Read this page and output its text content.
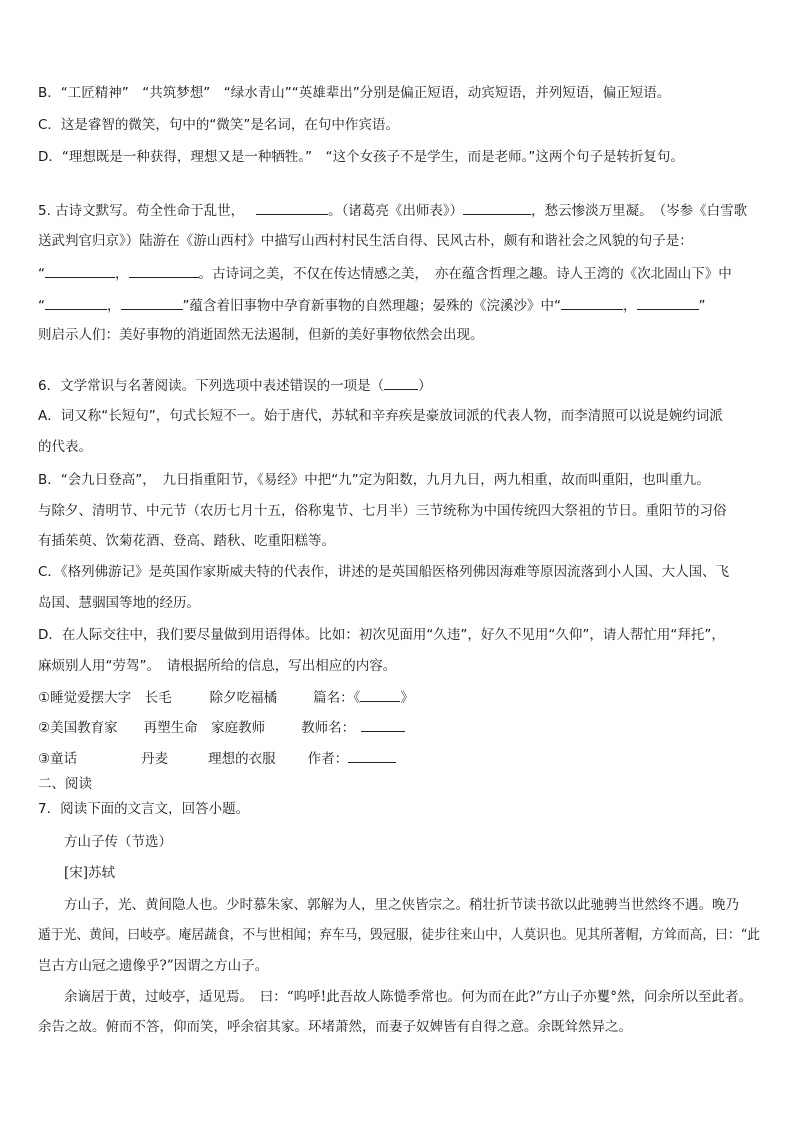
B．“工匠精神”　“共筑梦想”　“绿水青山”“英雄辈出”分别是偏正短语，动宾短语，并列短语，偏正短语。
C．这是睿智的微笑，句中的“微笑”是名词，在句中作宾语。
D．“理想既是一种获得，理想又是一种牺牲。”　“这个女孩子不是学生，而是老师。”这两个句子是转折复句。
5. 古诗文默写。苟全性命于乱世，	。（诸葛亮《出师表》）	，愁云惨淡万里凝。　（岑参《白雪歌
送武判官归京》）陆游在《游山西村》中描写山西村村民生活自得、民风古朴，颇有和谐社会之风貌的句子是：
“	，	。古诗词之美，不仅在传达情感之美，　亦在蕴含哲理之趣。诗人王湾的《次北固山下》中
“	，	”蕴含着旧事物中孕育新事物的自然理趣；晏殊的《浣溪沙》中“	，	”
则启示人们：美好事物的消逝固然无法遏制，但新的美好事物依然会出现。
6．文学常识与名著阅读。下列选项中表述错误的一项是（	）
A．词又称“长短句”，句式长短不一。始于唐代，苏轼和辛弃疾是豪放词派的代表人物，而李清照可以说是婉约词派
的代表。
B．“会九日登高”，　九日指重阳节，《易经》中把“九”定为阳数，九月九日，两九相重，故而叫重阳，也叫重九。
与除夕、清明节、中元节（农历七月十五，俗称鬼节、七月半）三节统称为中国传统四大祭祖的节日。重阳节的习俗
有插茱萸、饮菊花酒、登高、踏秋、吃重阳糕等。
C．《格列佛游记》是英国作家斯威夫特的代表作，讲述的是英国船医格列佛因海难等原因流落到小人国、大人国、飞
岛国、慧骃国等地的经历。
D．在人际交往中，我们要尽量做到用语得体。比如：初次见面用“久违”，好久不见用“久仰”，请人帮忙用“拜托”，
麻烦别人用“劳驾”。　请根据所给的信息，写出相应的内容。
①睡觉爱摆大字　长毛	除夕吃福橘	篇名：《	》
②美国教育家 再塑生命　家庭教师	教师名：
③童话	丹麦	理想的衣服 作者：
二、阅读
7．阅读下面的文言文，回答小题。
方山子传（节选）
[宋]苏轼
方山子，光、黄间隐人也。少时慕朱家、郭解为人，里之侠皆宗之。稍壮折节读书欲以此驰骋当世然终不遇。晚乃
遁于光、黄间，曰岐亭。庵居蔬食，不与世相闻；弃车马，毁冠服，徒步往来山中，人莫识也。见其所著帽，方耸而高，曰：“此
岂古方山冠之遗像乎?”因谓之方山子。
余谪居于黄，过岐亭，适见焉。　曰：“呜呼!此吾故人陈慥季常也。何为而在此?”方山子亦矍°然，问余所以至此者。
余告之故。俯而不答，仰而笑，呼余宿其家。环堵萧然，而妻子奴婢皆有自得之意。余既耸然异之。
